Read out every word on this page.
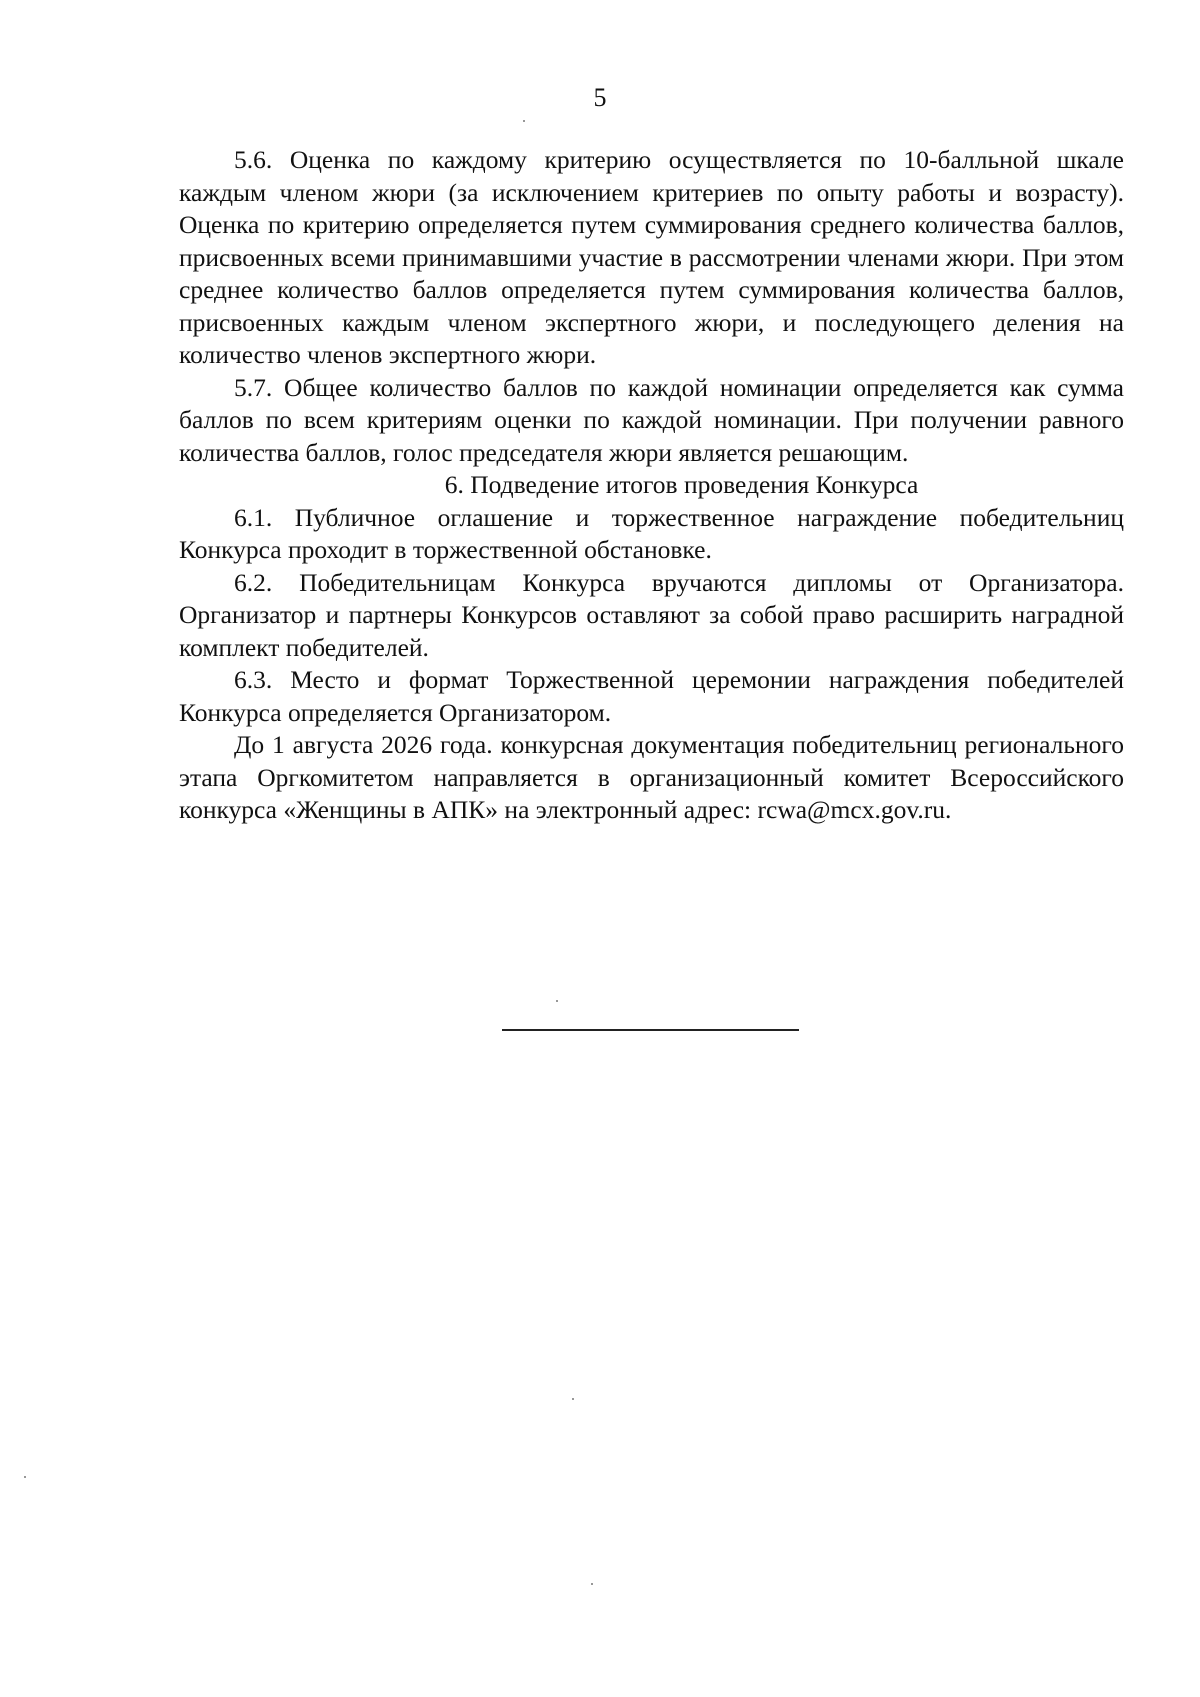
5

5.6. Оценка по каждому критерию осуществляется по 10-балльной шкале каждым членом жюри (за исключением критериев по опыту работы и возрасту). Оценка по критерию определяется путем суммирования среднего количества баллов, присвоенных всеми принимавшими участие в рассмотрении членами жюри. При этом среднее количество баллов определяется путем суммирования количества баллов, присвоенных каждым членом экспертного жюри, и последующего деления на количество членов экспертного жюри.

5.7. Общее количество баллов по каждой номинации определяется как сумма баллов по всем критериям оценки по каждой номинации. При получении равного количества баллов, голос председателя жюри является решающим.

6. Подведение итогов проведения Конкурса

6.1. Публичное оглашение и торжественное награждение победительниц Конкурса проходит в торжественной обстановке.

6.2. Победительницам Конкурса вручаются дипломы от Организатора. Организатор и партнеры Конкурсов оставляют за собой право расширить наградной комплект победителей.

6.3. Место и формат Торжественной церемонии награждения победителей Конкурса определяется Организатором.

До 1 августа 2026 года. конкурсная документация победительниц регионального этапа Оргкомитетом направляется в организационный комитет Всероссийского конкурса «Женщины в АПК» на электронный адрес: rcwa@mcx.gov.ru.
